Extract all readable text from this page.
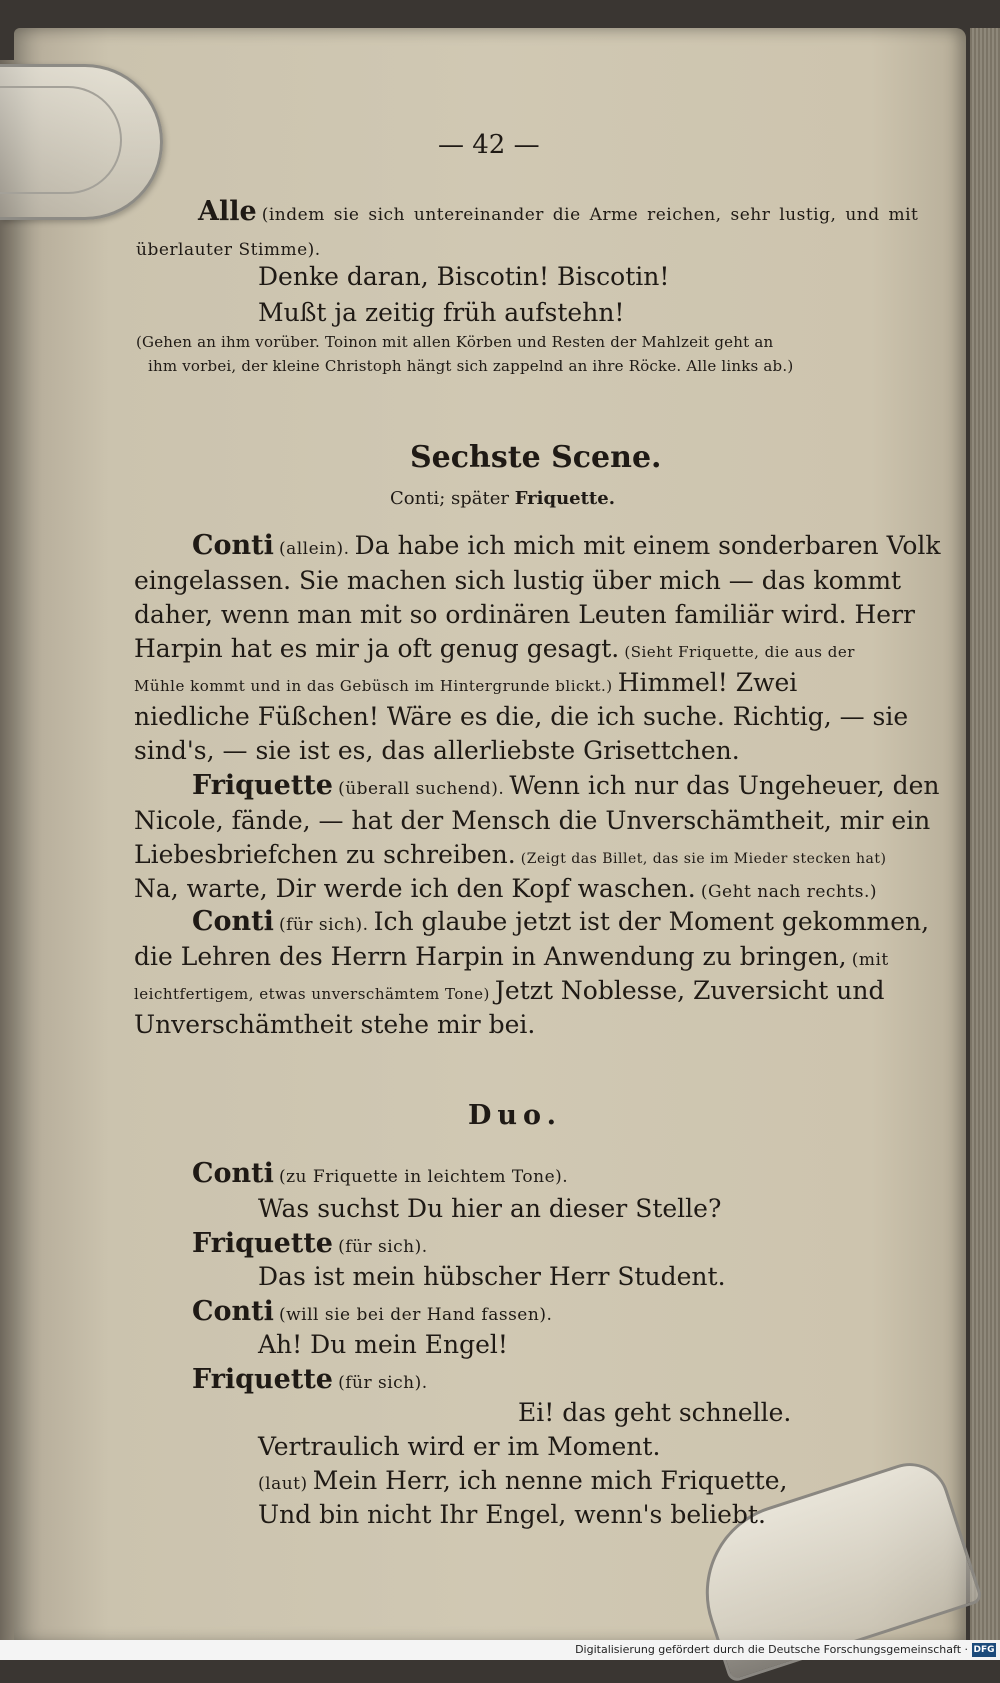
— 42 —
Alle (indem sie sich untereinander die Arme reichen, sehr lustig, und mit
überlauter Stimme).
Denke daran, Biscotin! Biscotin!
Mußt ja zeitig früh aufstehn!
(Gehen an ihm vorüber. Toinon mit allen Körben und Resten der Mahlzeit geht an
ihm vorbei, der kleine Christoph hängt sich zappelnd an ihre Röcke. Alle links ab.)
Sechste Scene.
Conti; später Friquette.
Conti (allein). Da habe ich mich mit einem sonderbaren Volk
eingelassen. Sie machen sich lustig über mich — das kommt
daher, wenn man mit so ordinären Leuten familiär wird. Herr
Harpin hat es mir ja oft genug gesagt. (Sieht Friquette, die aus der
Mühle kommt und in das Gebüsch im Hintergrunde blickt.) Himmel! Zwei
niedliche Füßchen! Wäre es die, die ich suche. Richtig, — sie
sind's, — sie ist es, das allerliebste Grisettchen.
Friquette (überall suchend). Wenn ich nur das Ungeheuer, den
Nicole, fände, — hat der Mensch die Unverschämtheit, mir ein
Liebesbriefchen zu schreiben. (Zeigt das Billet, das sie im Mieder stecken hat)
Na, warte, Dir werde ich den Kopf waschen. (Geht nach rechts.)
Conti (für sich). Ich glaube jetzt ist der Moment gekommen,
die Lehren des Herrn Harpin in Anwendung zu bringen, (mit
leichtfertigem, etwas unverschämtem Tone) Jetzt Noblesse, Zuversicht und
Unverschämtheit stehe mir bei.
Duo.
Conti (zu Friquette in leichtem Tone).
Was suchst Du hier an dieser Stelle?
Friquette (für sich).
Das ist mein hübscher Herr Student.
Conti (will sie bei der Hand fassen).
Ah! Du mein Engel!
Friquette (für sich).
Ei! das geht schnelle.
Vertraulich wird er im Moment.
(laut) Mein Herr, ich nenne mich Friquette,
Und bin nicht Ihr Engel, wenn's beliebt.
Digitalisierung gefördert durch die Deutsche Forschungsgemeinschaft · DFG
